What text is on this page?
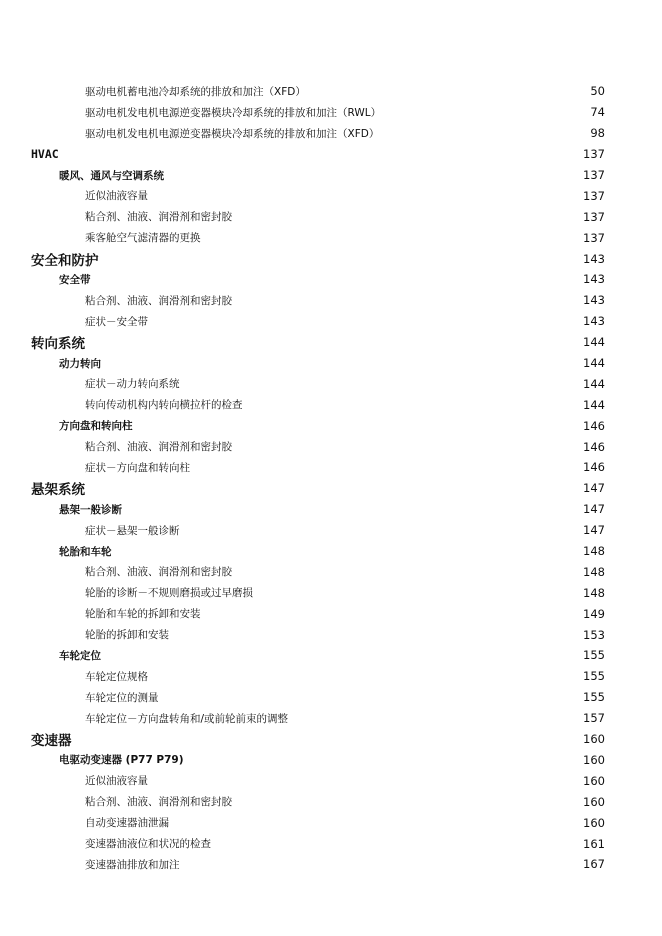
驱动电机蓄电池冷却系统的排放和加注（XFD）	50
驱动电机发电机电源逆变器模块冷却系统的排放和加注（RWL）	74
驱动电机发电机电源逆变器模块冷却系统的排放和加注（XFD）	98
HVAC	137
暖风、通风与空调系统	137
近似油液容量	137
粘合剂、油液、润滑剂和密封胶	137
乘客舱空气滤清器的更换	137
安全和防护	143
安全带	143
粘合剂、油液、润滑剂和密封胶	143
症状－安全带	143
转向系统	144
动力转向	144
症状－动力转向系统	144
转向传动机构内转向横拉杆的检查	144
方向盘和转向柱	146
粘合剂、油液、润滑剂和密封胶	146
症状－方向盘和转向柱	146
悬架系统	147
悬架一般诊断	147
症状－悬架一般诊断	147
轮胎和车轮	148
粘合剂、油液、润滑剂和密封胶	148
轮胎的诊断－不规则磨损或过早磨损	148
轮胎和车轮的拆卸和安装	149
轮胎的拆卸和安装	153
车轮定位	155
车轮定位规格	155
车轮定位的测量	155
车轮定位－方向盘转角和/或前轮前束的调整	157
变速器	160
电驱动变速器 (P77 P79)	160
近似油液容量	160
粘合剂、油液、润滑剂和密封胶	160
自动变速器油泄漏	160
变速器油液位和状况的检查	161
变速器油排放和加注	167
